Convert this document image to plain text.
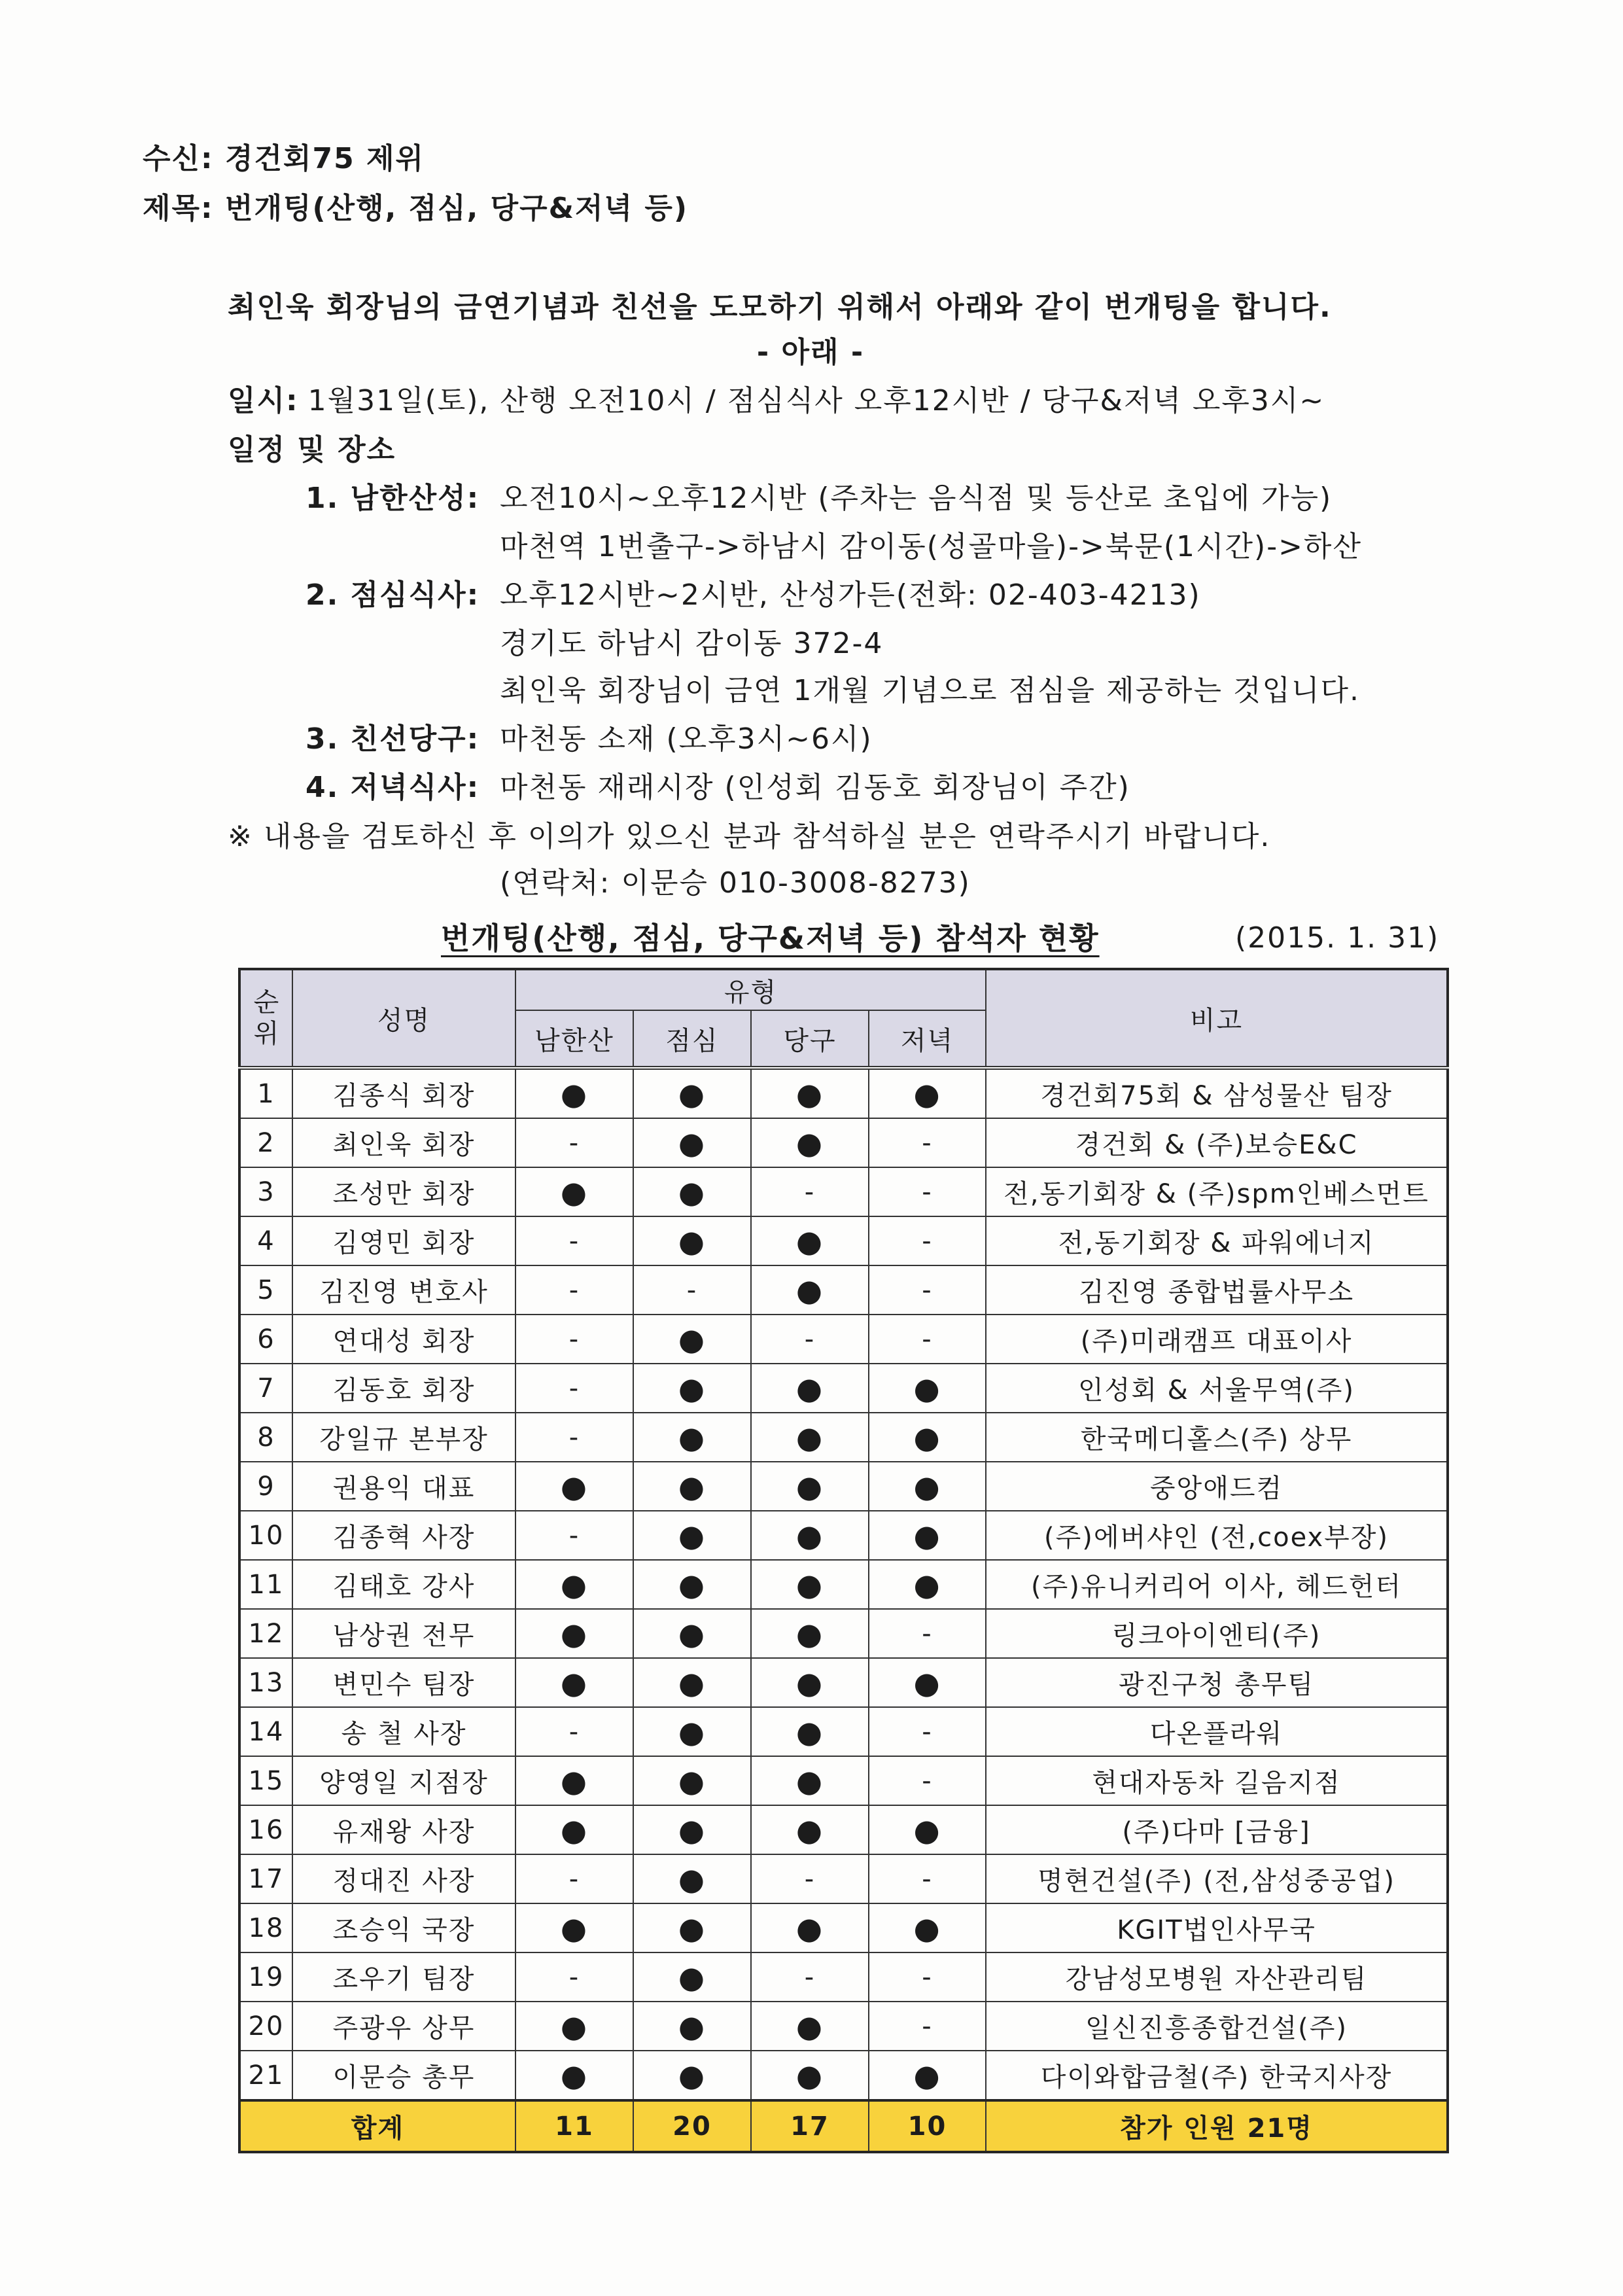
수신: 경건회75 제위
제목: 번개팅(산행, 점심, 당구&저녁 등)
최인욱 회장님의 금연기념과 친선을 도모하기 위해서 아래와 같이 번개팅을 합니다.
- 아래 -
일시: 1월31일(토), 산행 오전10시 / 점심식사 오후12시반 / 당구&저녁 오후3시~
일정 및 장소
1. 남한산성: 오전10시~오후12시반 (주차는 음식점 및 등산로 초입에 가능)
마천역 1번출구->하남시 감이동(성골마을)->북문(1시간)->하산
2. 점심식사: 오후12시반~2시반, 산성가든(전화: 02-403-4213)
경기도 하남시 감이동 372-4
최인욱 회장님이 금연 1개월 기념으로 점심을 제공하는 것입니다.
3. 친선당구: 마천동 소재 (오후3시~6시)
4. 저녁식사: 마천동 재래시장 (인성회 김동호 회장님이 주간)
※ 내용을 검토하신 후 이의가 있으신 분과 참석하실 분은 연락주시기 바랍니다.
(연락처: 이문승 010-3008-8273)
번개팅(산행, 점심, 당구&저녁 등) 참석자 현황	(2015. 1. 31)
순위	성명	유형				비고
		남한산	점심	당구	저녁	
1	김종식 회장	●	●	●	●	경건회75회 & 삼성물산 팀장
2	최인욱 회장	-	●	●	-	경건회 & (주)보승E&C
3	조성만 회장	●	●	-	-	전,동기회장 & (주)spm인베스먼트
4	김영민 회장	-	●	●	-	전,동기회장 & 파워에너지
5	김진영 변호사	-	-	●	-	김진영 종합법률사무소
6	연대성 회장	-	●	-	-	(주)미래캠프 대표이사
7	김동호 회장	-	●	●	●	인성회 & 서울무역(주)
8	강일규 본부장	-	●	●	●	한국메디홀스(주) 상무
9	권용익 대표	●	●	●	●	중앙애드컴
10	김종혁 사장	-	●	●	●	(주)에버샤인 (전,coex부장)
11	김태호 강사	●	●	●	●	(주)유니커리어 이사, 헤드헌터
12	남상권 전무	●	●	●	-	링크아이엔티(주)
13	변민수 팀장	●	●	●	●	광진구청 총무팀
14	송 철 사장	-	●	●	-	다온플라워
15	양영일 지점장	●	●	●	-	현대자동차 길음지점
16	유재왕 사장	●	●	●	●	(주)다마 [금융]
17	정대진 사장	-	●	-	-	명현건설(주) (전,삼성중공업)
18	조승익 국장	●	●	●	●	KGIT법인사무국
19	조우기 팀장	-	●	-	-	강남성모병원 자산관리팀
20	주광우 상무	●	●	●	-	일신진흥종합건설(주)
21	이문승 총무	●	●	●	●	다이와합금철(주) 한국지사장
합계		11	20	17	10	참가 인원 21명
